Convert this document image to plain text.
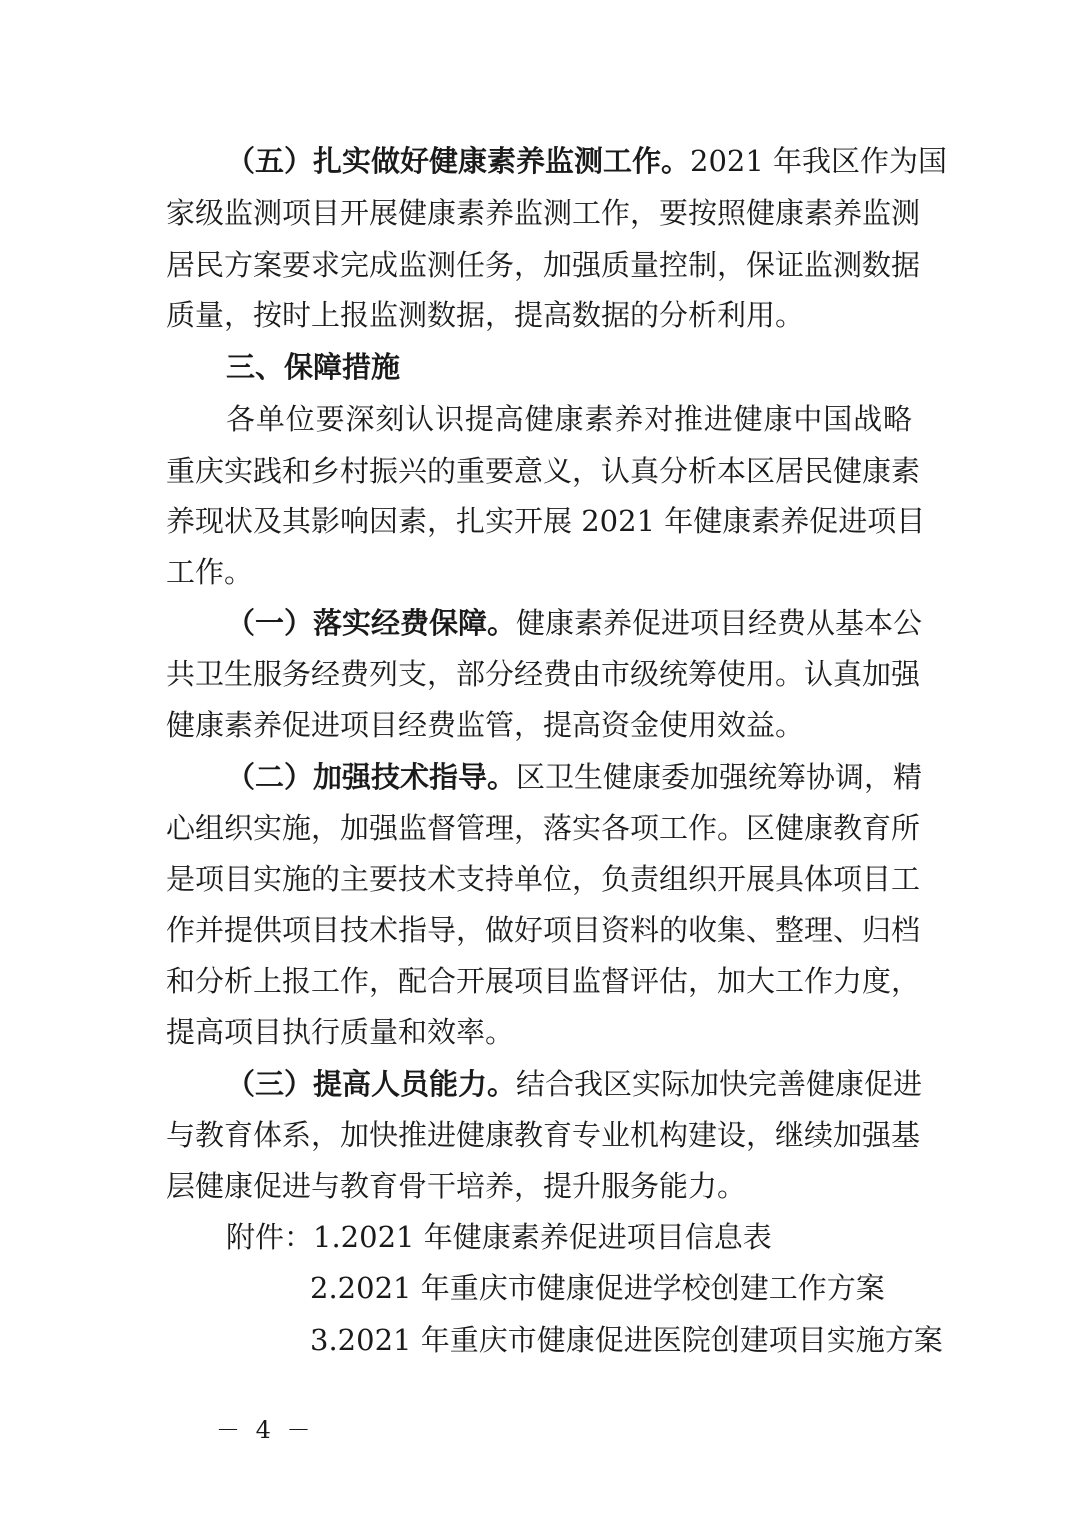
（五）扎实做好健康素养监测工作。2021 年我区作为国
家级监测项目开展健康素养监测工作，要按照健康素养监测
居民方案要求完成监测任务，加强质量控制，保证监测数据
质量，按时上报监测数据，提高数据的分析利用。
三、保障措施
各单位要深刻认识提高健康素养对推进健康中国战略
重庆实践和乡村振兴的重要意义，认真分析本区居民健康素
养现状及其影响因素，扎实开展 2021 年健康素养促进项目
工作。
（一）落实经费保障。健康素养促进项目经费从基本公
共卫生服务经费列支，部分经费由市级统筹使用。认真加强
健康素养促进项目经费监管，提高资金使用效益。
（二）加强技术指导。区卫生健康委加强统筹协调，精
心组织实施，加强监督管理，落实各项工作。区健康教育所
是项目实施的主要技术支持单位，负责组织开展具体项目工
作并提供项目技术指导，做好项目资料的收集、整理、归档
和分析上报工作，配合开展项目监督评估，加大工作力度，
提高项目执行质量和效率。
（三）提高人员能力。结合我区实际加快完善健康促进
与教育体系，加快推进健康教育专业机构建设，继续加强基
层健康促进与教育骨干培养，提升服务能力。
附件：1.2021 年健康素养促进项目信息表
2.2021 年重庆市健康促进学校创建工作方案
3.2021 年重庆市健康促进医院创建项目实施方案
－ 4 －
